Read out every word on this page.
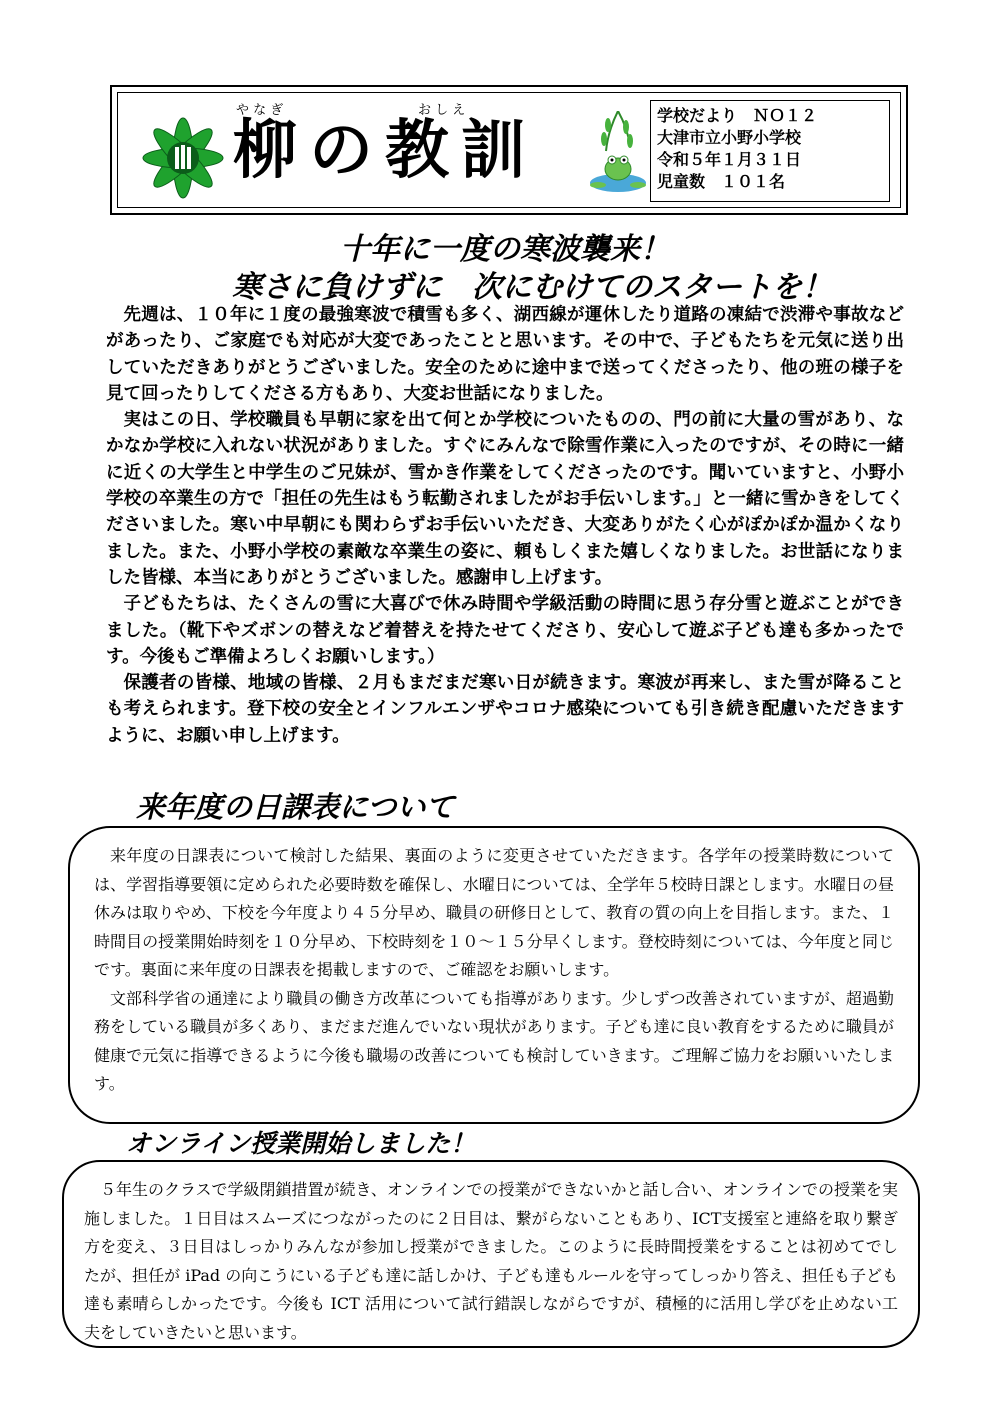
や な ぎ	お し え
柳の教訓	学校だより　ＮＯ１２
大津市立小野小学校
令和５年１月３１日
児童数　１０１名
十年に一度の寒波襲来！
寒さに負けずに　次にむけてのスタートを！

先週は、１０年に１度の最強寒波で積雪も多く、湖西線が運休したり道路の凍結で渋滞や事故などがあったり、ご家庭でも対応が大変であったことと思います。その中で、子どもたちを元気に送り出していただきありがとうございました。安全のために途中まで送ってくださったり、他の班の様子を見て回ったりしてくださる方もあり、大変お世話になりました。

実はこの日、学校職員も早朝に家を出て何とか学校についたものの、門の前に大量の雪があり、なかなか学校に入れない状況がありました。すぐにみんなで除雪作業に入ったのですが、その時に一緒に近くの大学生と中学生のご兄妹が、雪かき作業をしてくださったのです。聞いていますと、小野小学校の卒業生の方で「担任の先生はもう転勤されましたがお手伝いします。」と一緒に雪かきをしてくださいました。寒い中早朝にも関わらずお手伝いいただき、大変ありがたく心がぽかぽか温かくなりました。また、小野小学校の素敵な卒業生の姿に、頼もしくまた嬉しくなりました。お世話になりました皆様、本当にありがとうございました。感謝申し上げます。

子どもたちは、たくさんの雪に大喜びで休み時間や学級活動の時間に思う存分雪と遊ぶことができました。（靴下やズボンの替えなど着替えを持たせてくださり、安心して遊ぶ子ども達も多かったです。今後もご準備よろしくお願いします。）

保護者の皆様、地域の皆様、２月もまだまだ寒い日が続きます。寒波が再来し、また雪が降ることも考えられます。登下校の安全とインフルエンザやコロナ感染についても引き続き配慮いただきますように、お願い申し上げます。

来年度の日課表について

来年度の日課表について検討した結果、裏面のように変更させていただきます。各学年の授業時数については、学習指導要領に定められた必要時数を確保し、水曜日については、全学年５校時日課とします。水曜日の昼休みは取りやめ、下校を今年度より４５分早め、職員の研修日として、教育の質の向上を目指します。また、１時間目の授業開始時刻を１０分早め、下校時刻を１０～１５分早くします。登校時刻については、今年度と同じです。裏面に来年度の日課表を掲載しますので、ご確認をお願いします。

文部科学省の通達により職員の働き方改革についても指導があります。少しずつ改善されていますが、超過勤務をしている職員が多くあり、まだまだ進んでいない現状があります。子ども達に良い教育をするために職員が健康で元気に指導できるように今後も職場の改善についても検討していきます。ご理解ご協力をお願いいたします。

オンライン授業開始しました！

５年生のクラスで学級閉鎖措置が続き、オンラインでの授業ができないかと話し合い、オンラインでの授業を実施しました。１日目はスムーズにつながったのに２日目は、繋がらないこともあり、ICT支援室と連絡を取り繋ぎ方を変え、３日目はしっかりみんなが参加し授業ができました。このように長時間授業をすることは初めてでしたが、担任が iPad の向こうにいる子ども達に話しかけ、子ども達もルールを守ってしっかり答え、担任も子ども達も素晴らしかったです。今後も ICT 活用について試行錯誤しながらですが、積極的に活用し学びを止めない工夫をしていきたいと思います。
